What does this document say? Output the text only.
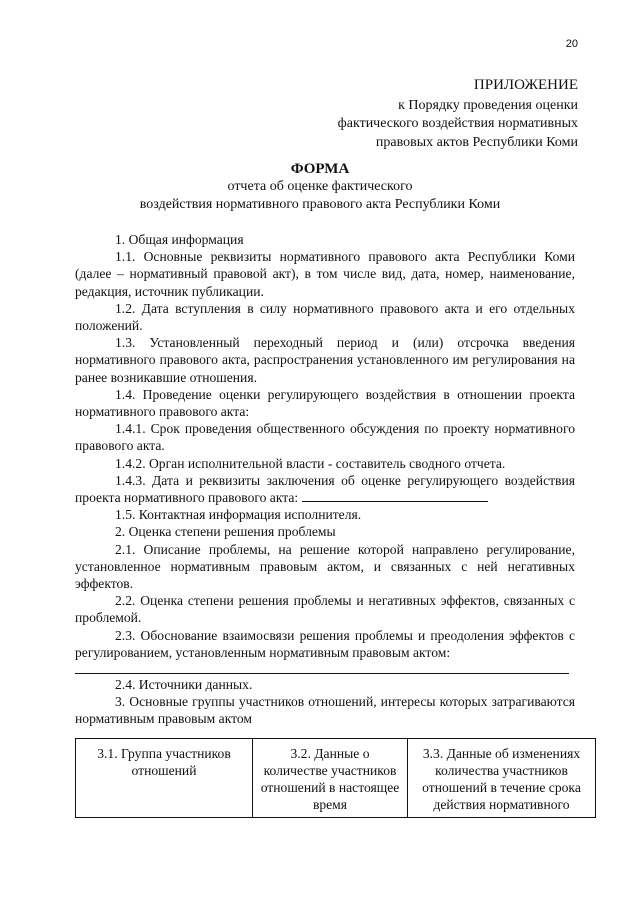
20
ПРИЛОЖЕНИЕ
к Порядку проведения оценки
фактического воздействия нормативных
правовых актов Республики Коми
ФОРМА
отчета об оценке фактического
воздействия нормативного правового акта Республики Коми

1. Общая информация

1.1. Основные реквизиты нормативного правового акта Республики Коми (далее – нормативный правовой акт), в том числе вид, дата, номер, наименование, редакция, источник публикации.

1.2. Дата вступления в силу нормативного правового акта и его отдельных положений.

1.3. Установленный переходный период и (или) отсрочка введения нормативного правового акта, распространения установленного им регулирования на ранее возникавшие отношения.

1.4. Проведение оценки регулирующего воздействия в отношении проекта нормативного правового акта:

1.4.1. Срок проведения общественного обсуждения по проекту нормативного правового акта.

1.4.2. Орган исполнительной власти - составитель сводного отчета.

1.4.3. Дата и реквизиты заключения об оценке регулирующего воздействия проекта нормативного правового акта:

1.5. Контактная информация исполнителя.

2. Оценка степени решения проблемы

2.1. Описание проблемы, на решение которой направлено регулирование, установленное нормативным правовым актом, и связанных с ней негативных эффектов.

2.2. Оценка степени решения проблемы и негативных эффектов, связанных с проблемой.

2.3. Обоснование взаимосвязи решения проблемы и преодоления эффектов с регулированием, установленным нормативным правовым актом:

2.4. Источники данных.

3. Основные группы участников отношений, интересы которых затрагиваются нормативным правовым актом

3.1. Группа участников отношений	3.2. Данные о количестве участников отношений в настоящее время	3.3. Данные об изменениях количества участников отношений в течение срока действия нормативного
